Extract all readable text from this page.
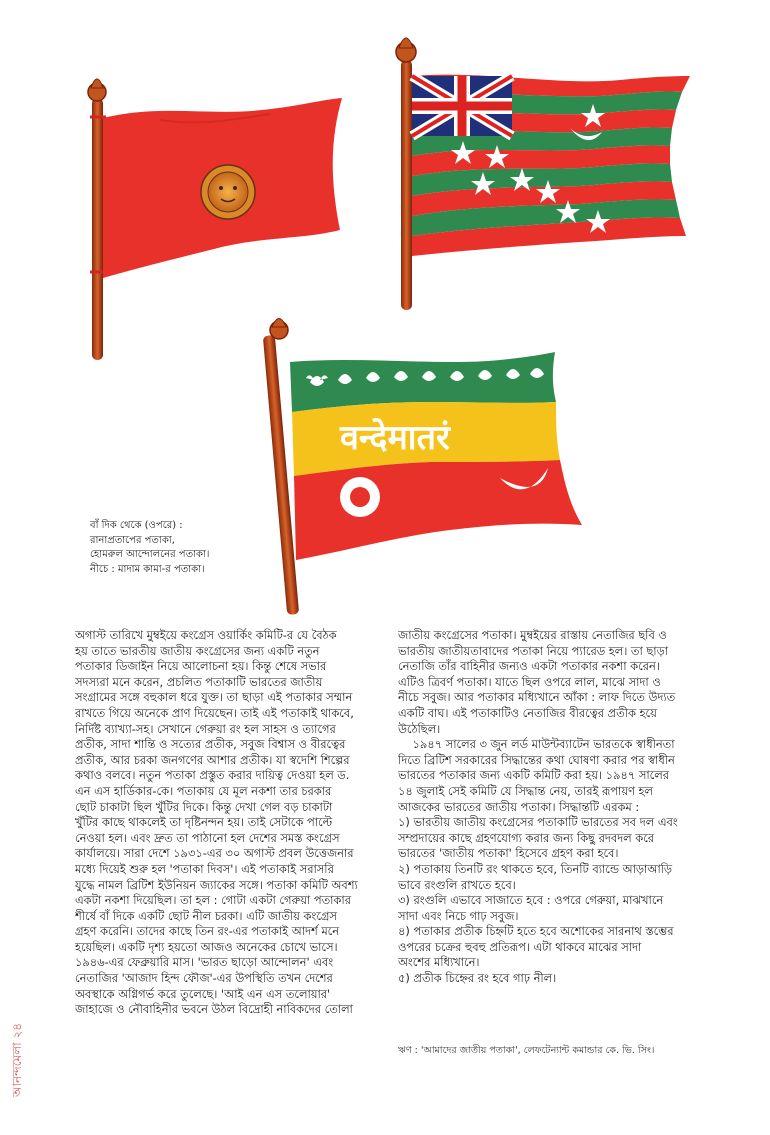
वन्देमातरं
বাঁ দিক থেকে (ওপরে) :
রানাপ্রতাপের পতাকা,
হোমরুল আন্দোলনের পতাকা।
নীচে : মাদাম কামা-র পতাকা।
অগাস্ট তারিখে মুম্বইয়ে কংগ্রেস ওয়ার্কিং কমিটি-র যে বৈঠক
হয় তাতে ভারতীয় জাতীয় কংগ্রেসের জন্য একটি নতুন
পতাকার ডিজাইন নিয়ে আলোচনা হয়। কিন্তু শেষে সভার
সদস্যরা মনে করেন, প্রচলিত পতাকাটি ভারতের জাতীয়
সংগ্রামের সঙ্গে বহুকাল ধরে যুক্ত। তা ছাড়া এই পতাকার সম্মান
রাখতে গিয়ে অনেকে প্রাণ দিয়েছেন। তাই এই পতাকাই থাকবে,
নির্দিষ্ট ব্যাখ্যা-সহ। সেখানে গেরুয়া রং হল সাহস ও ত্যাগের
প্রতীক, সাদা শান্তি ও সত্যের প্রতীক, সবুজ বিশ্বাস ও বীরত্বের
প্রতীক, আর চরকা জনগণের আশার প্রতীক। যা স্বদেশি শিল্পের
কথাও বলবে। নতুন পতাকা প্রস্তুত করার দায়িত্ব দেওয়া হল ড.
এন এস হার্ডিকার-কে। পতাকায় যে মূল নকশা তার চরকার
ছোট চাকাটা ছিল খুঁটির দিকে। কিন্তু দেখা গেল বড় চাকাটা
খুঁটির কাছে থাকলেই তা দৃষ্টিনন্দন হয়। তাই সেটাকে পাল্টে
নেওয়া হল। এবং দ্রুত তা পাঠানো হল দেশের সমস্ত কংগ্রেস
কার্যালয়ে। সারা দেশে ১৯৩১-এর ৩০ অগাস্ট প্রবল উত্তেজনার
মধ্যে দিয়েই শুরু হল 'পতাকা দিবস'। এই পতাকাই সরাসরি
যুদ্ধে নামল ব্রিটিশ ইউনিয়ন জ্যাকের সঙ্গে। পতাকা কমিটি অবশ্য
একটা নকশা দিয়েছিল। তা হল : গোটা একটা গেরুয়া পতাকার
শীর্ষে বাঁ দিকে একটি ছোট নীল চরকা। এটি জাতীয় কংগ্রেস
গ্রহণ করেনি। তাদের কাছে তিন রং-এর পতাকাই আদর্শ মনে
হয়েছিল। একটি দৃশ্য হয়তো আজও অনেকের চোখে ভাসে।
১৯৪৬-এর ফেব্রুয়ারি মাস। 'ভারত ছাড়ো আন্দোলন' এবং
নেতাজির 'আজাদ হিন্দ ফৌজ'-এর উপস্থিতি তখন দেশের
অবস্থাকে অগ্নিগর্ভ করে তুলেছে। 'আই এন এস তলোয়ার'
জাহাজে ও নৌবাহিনীর ভবনে উঠল বিদ্রোহী নাবিকদের তোলা
জাতীয় কংগ্রেসের পতাকা। মুম্বইয়ের রাস্তায় নেতাজির ছবি ও
ভারতীয় জাতীয়তাবাদের পতাকা নিয়ে প্যারেড হল। তা ছাড়া
নেতাজি তাঁর বাহিনীর জন্যও একটা পতাকার নকশা করেন।
এটিও ত্রিবর্ণ পতাকা। যাতে ছিল ওপরে লাল, মাঝে সাদা ও
নীচে সবুজ। আর পতাকার মধ্যিখানে আঁকা : লাফ দিতে উদ্যত
একটি বাঘ। এই পতাকাটিও নেতাজির বীরত্বের প্রতীক হয়ে
উঠেছিল।
১৯৪৭ সালের ৩ জুন লর্ড মাউন্টব্যাটেন ভারতকে স্বাধীনতা
দিতে ব্রিটিশ সরকারের সিদ্ধান্তের কথা ঘোষণা করার পর স্বাধীন
ভারতের পতাকার জন্য একটি কমিটি করা হয়। ১৯৪৭ সালের
১৪ জুলাই সেই কমিটি যে সিদ্ধান্ত নেয়, তারই রূপায়ণ হল
আজকের ভারতের জাতীয় পতাকা। সিদ্ধান্তটি এরকম :
১) ভারতীয় জাতীয় কংগ্রেসের পতাকাটি ভারতের সব দল এবং
সম্প্রদায়ের কাছে গ্রহণযোগ্য করার জন্য কিছু রদবদল করে
ভারতের 'জাতীয় পতাকা' হিসেবে গ্রহণ করা হবে।
২) পতাকায় তিনটি রং থাকতে হবে, তিনটি ব্যান্ডে আড়াআড়ি
ভাবে রংগুলি রাখতে হবে।
৩) রংগুলি এভাবে সাজাতে হবে : ওপরে গেরুয়া, মাঝখানে
সাদা এবং নিচে গাঢ় সবুজ।
৪) পতাকার প্রতীক চিহ্নটি হতে হবে অশোকের সারনাথ স্তম্ভের
ওপরের চক্রের হুবহু প্রতিরূপ। এটা থাকবে মাঝের সাদা
অংশের মধ্যিখানে।
৫) প্রতীক চিহ্নের রং হবে গাঢ় নীল।
ঋণ : 'আমাদের জাতীয় পতাকা', লেফটেন্যান্ট কমান্ডার কে. ভি. সিং।
আনন্দমেলা ২৪
